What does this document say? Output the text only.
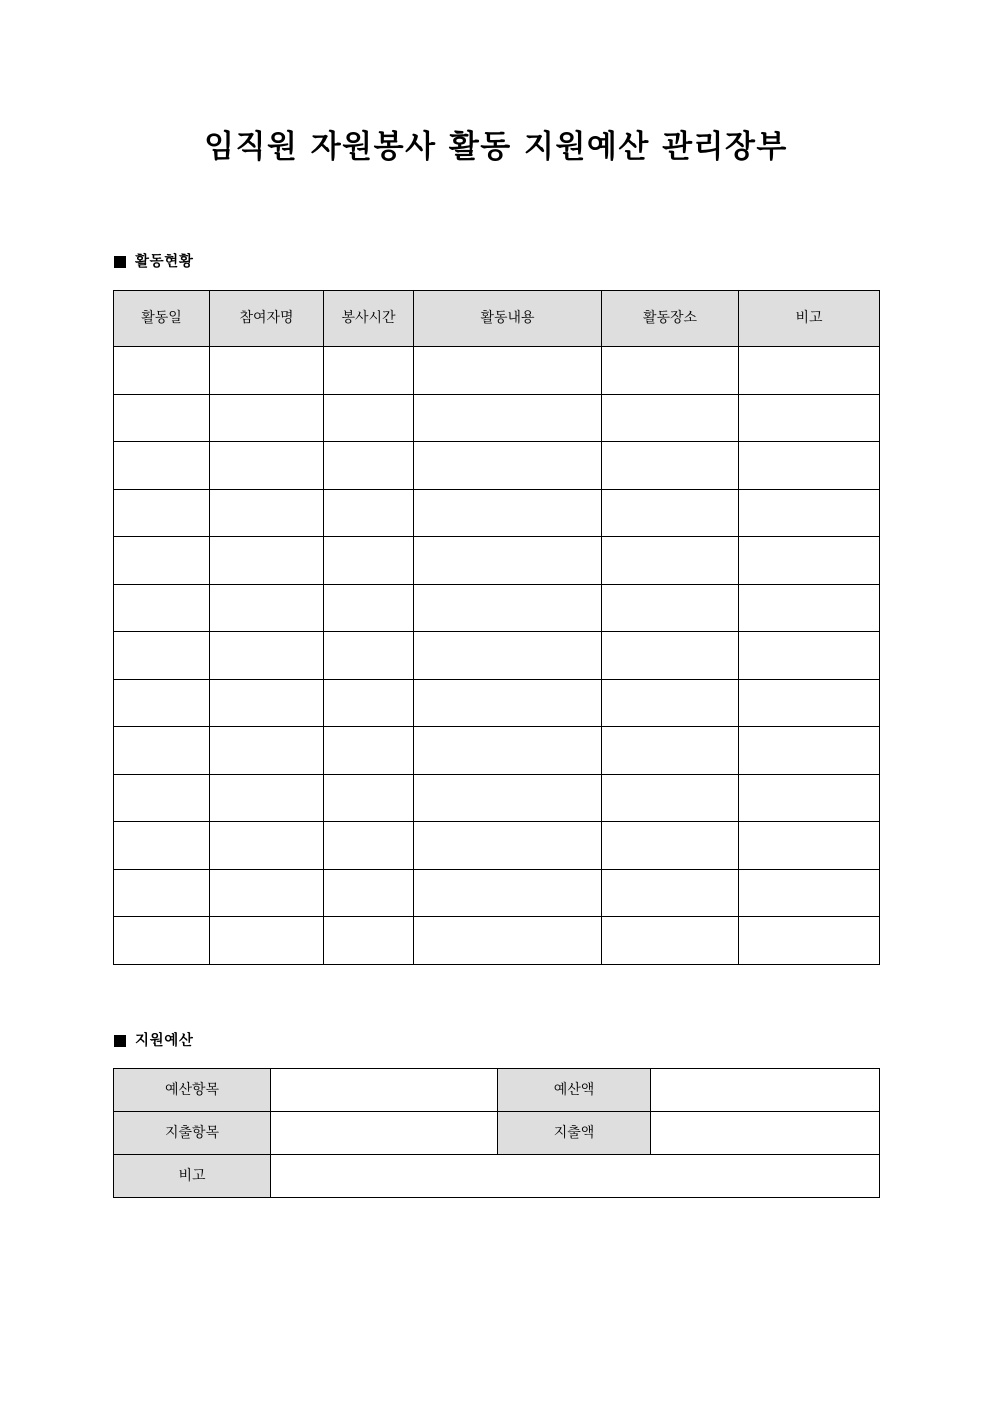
임직원 자원봉사 활동 지원예산 관리장부
활동현황
활동일	참여자명	봉사시간	활동내용	활동장소	비고

지원예산
예산항목		예산액	
지출항목		지출액	
비고			
